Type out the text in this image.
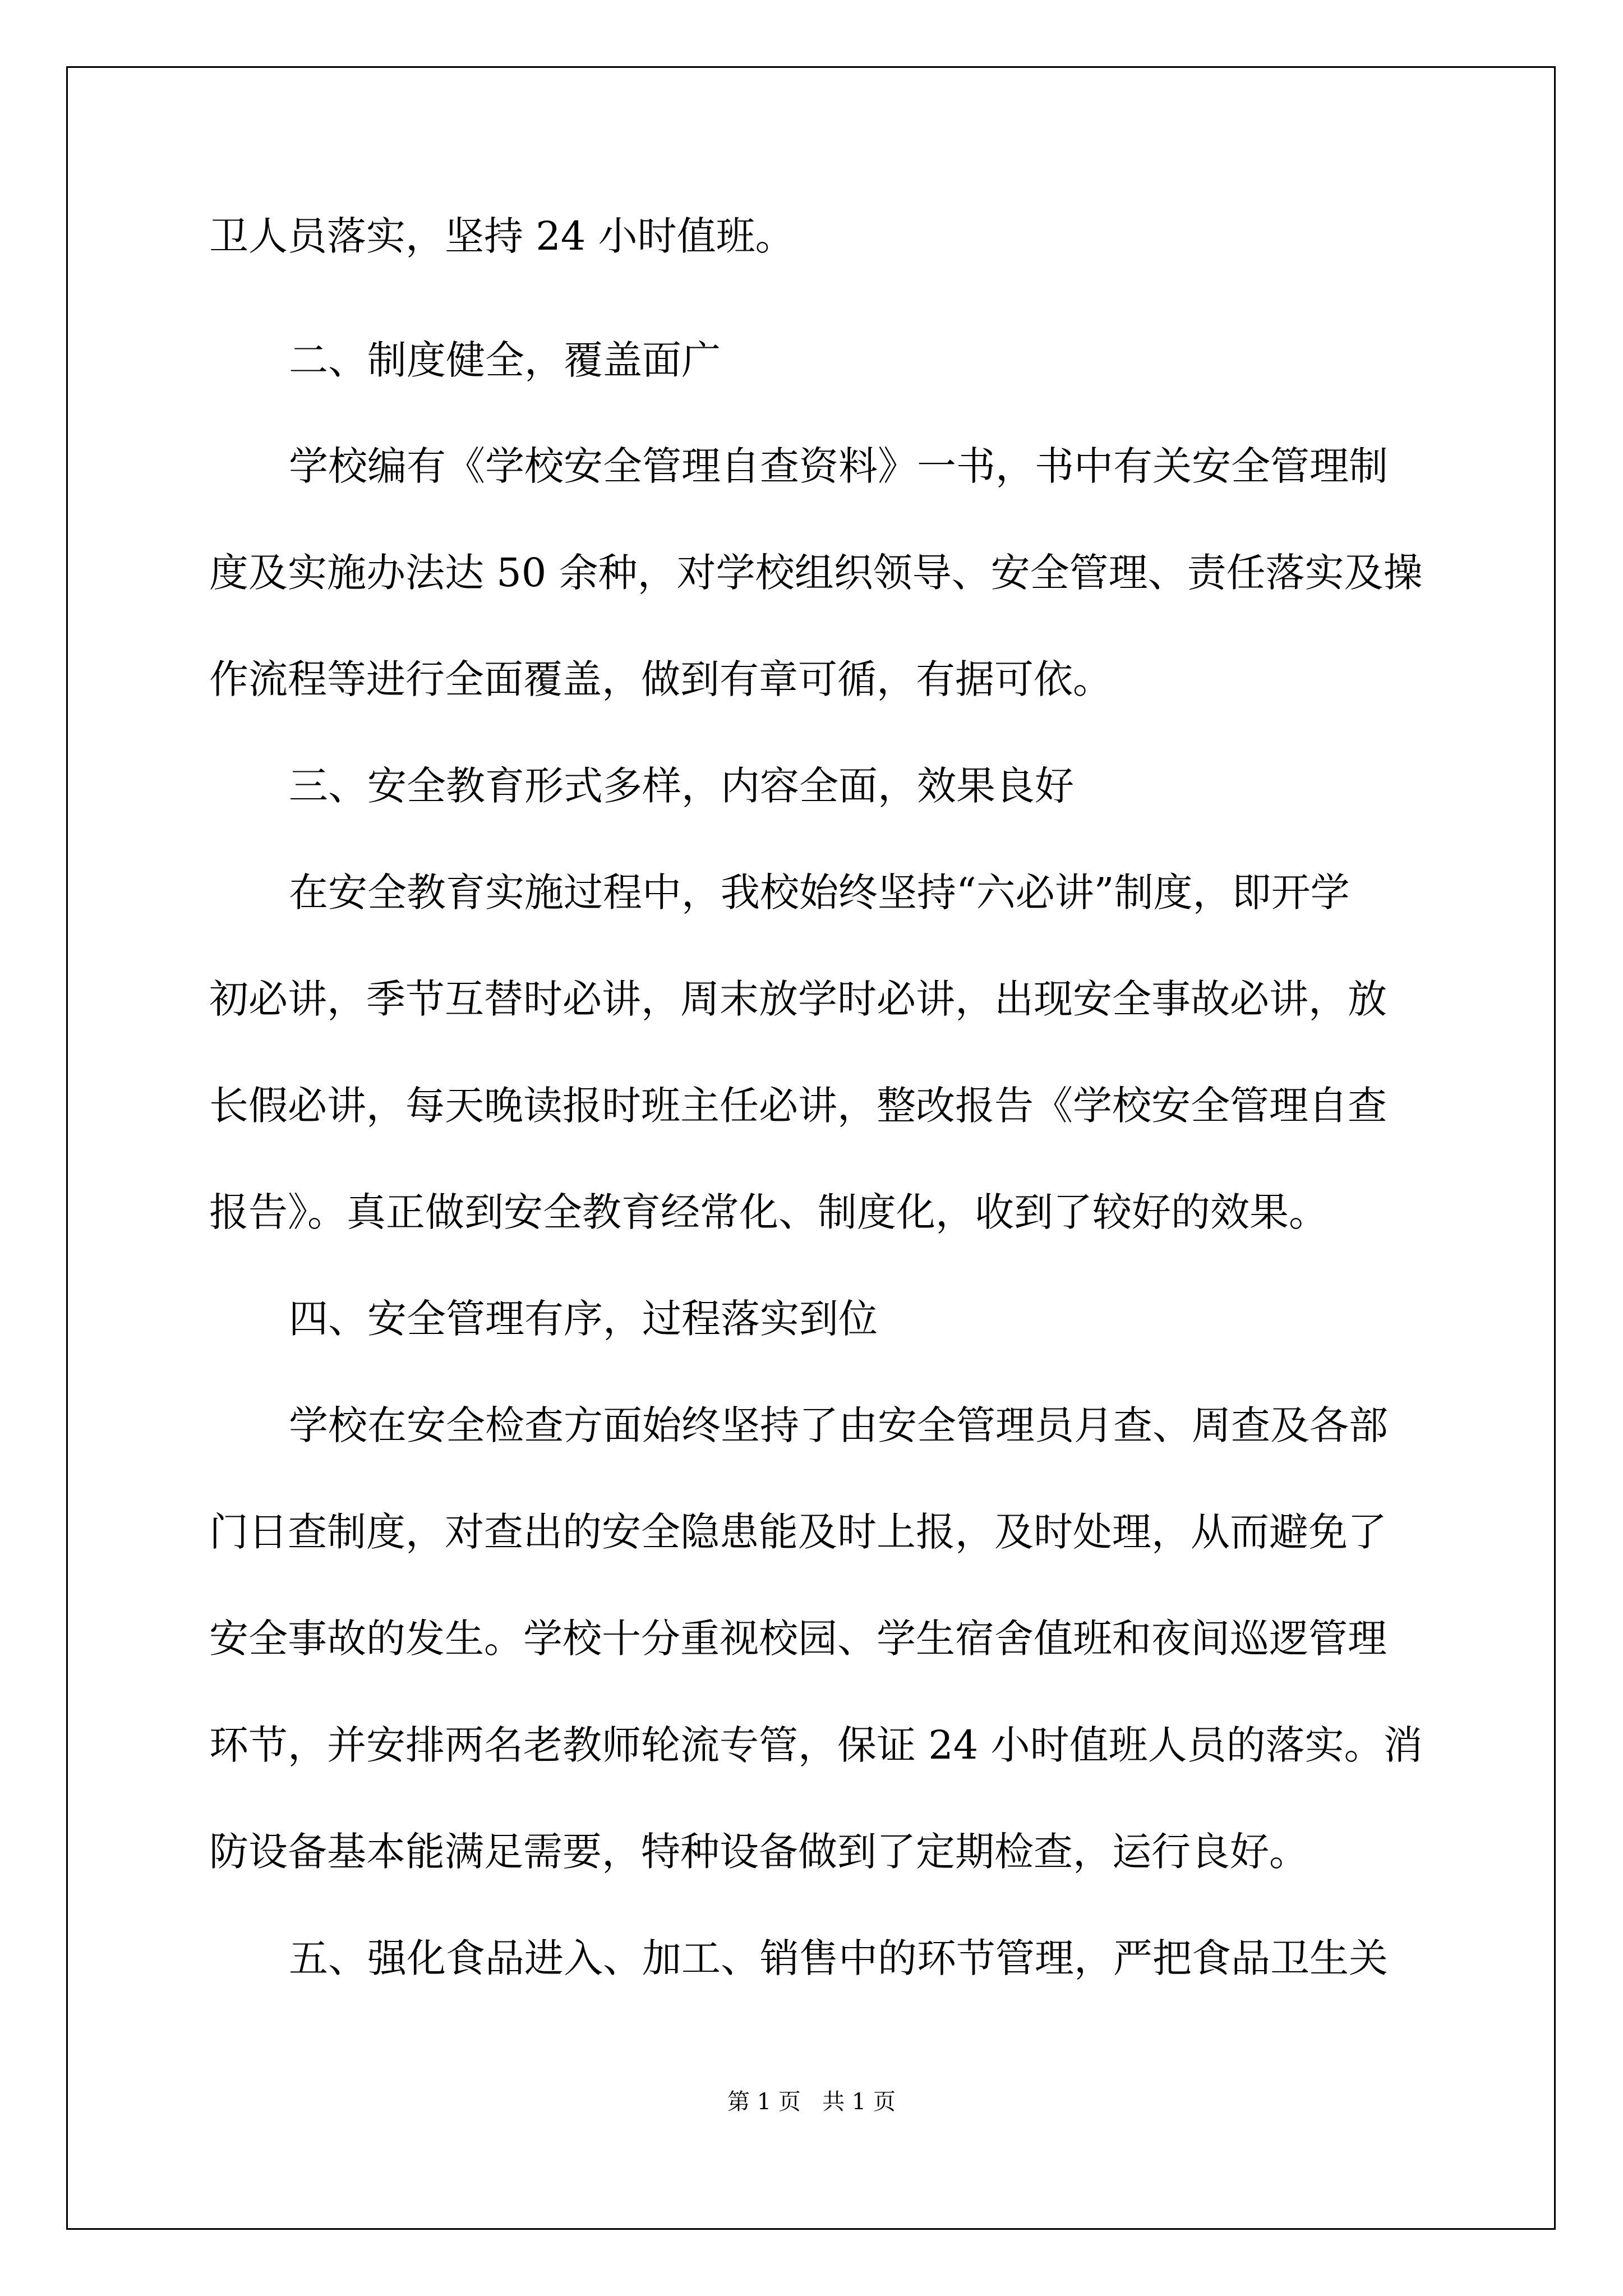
卫人员落实，坚持 24 小时值班。

二、制度健全，覆盖面广

学校编有《学校安全管理自查资料》一书，书中有关安全管理制

度及实施办法达 50 余种，对学校组织领导、安全管理、责任落实及操

作流程等进行全面覆盖，做到有章可循，有据可依。

三、安全教育形式多样，内容全面，效果良好

在安全教育实施过程中，我校始终坚持“六必讲”制度，即开学

初必讲，季节互替时必讲，周末放学时必讲，出现安全事故必讲，放

长假必讲，每天晚读报时班主任必讲，整改报告《学校安全管理自查

报告》。真正做到安全教育经常化、制度化，收到了较好的效果。

四、安全管理有序，过程落实到位

学校在安全检查方面始终坚持了由安全管理员月查、周查及各部

门日查制度，对查出的安全隐患能及时上报，及时处理，从而避免了

安全事故的发生。学校十分重视校园、学生宿舍值班和夜间巡逻管理

环节，并安排两名老教师轮流专管，保证 24 小时值班人员的落实。消

防设备基本能满足需要，特种设备做到了定期检查，运行良好。

五、强化食品进入、加工、销售中的环节管理，严把食品卫生关

第 1 页   共 1 页
